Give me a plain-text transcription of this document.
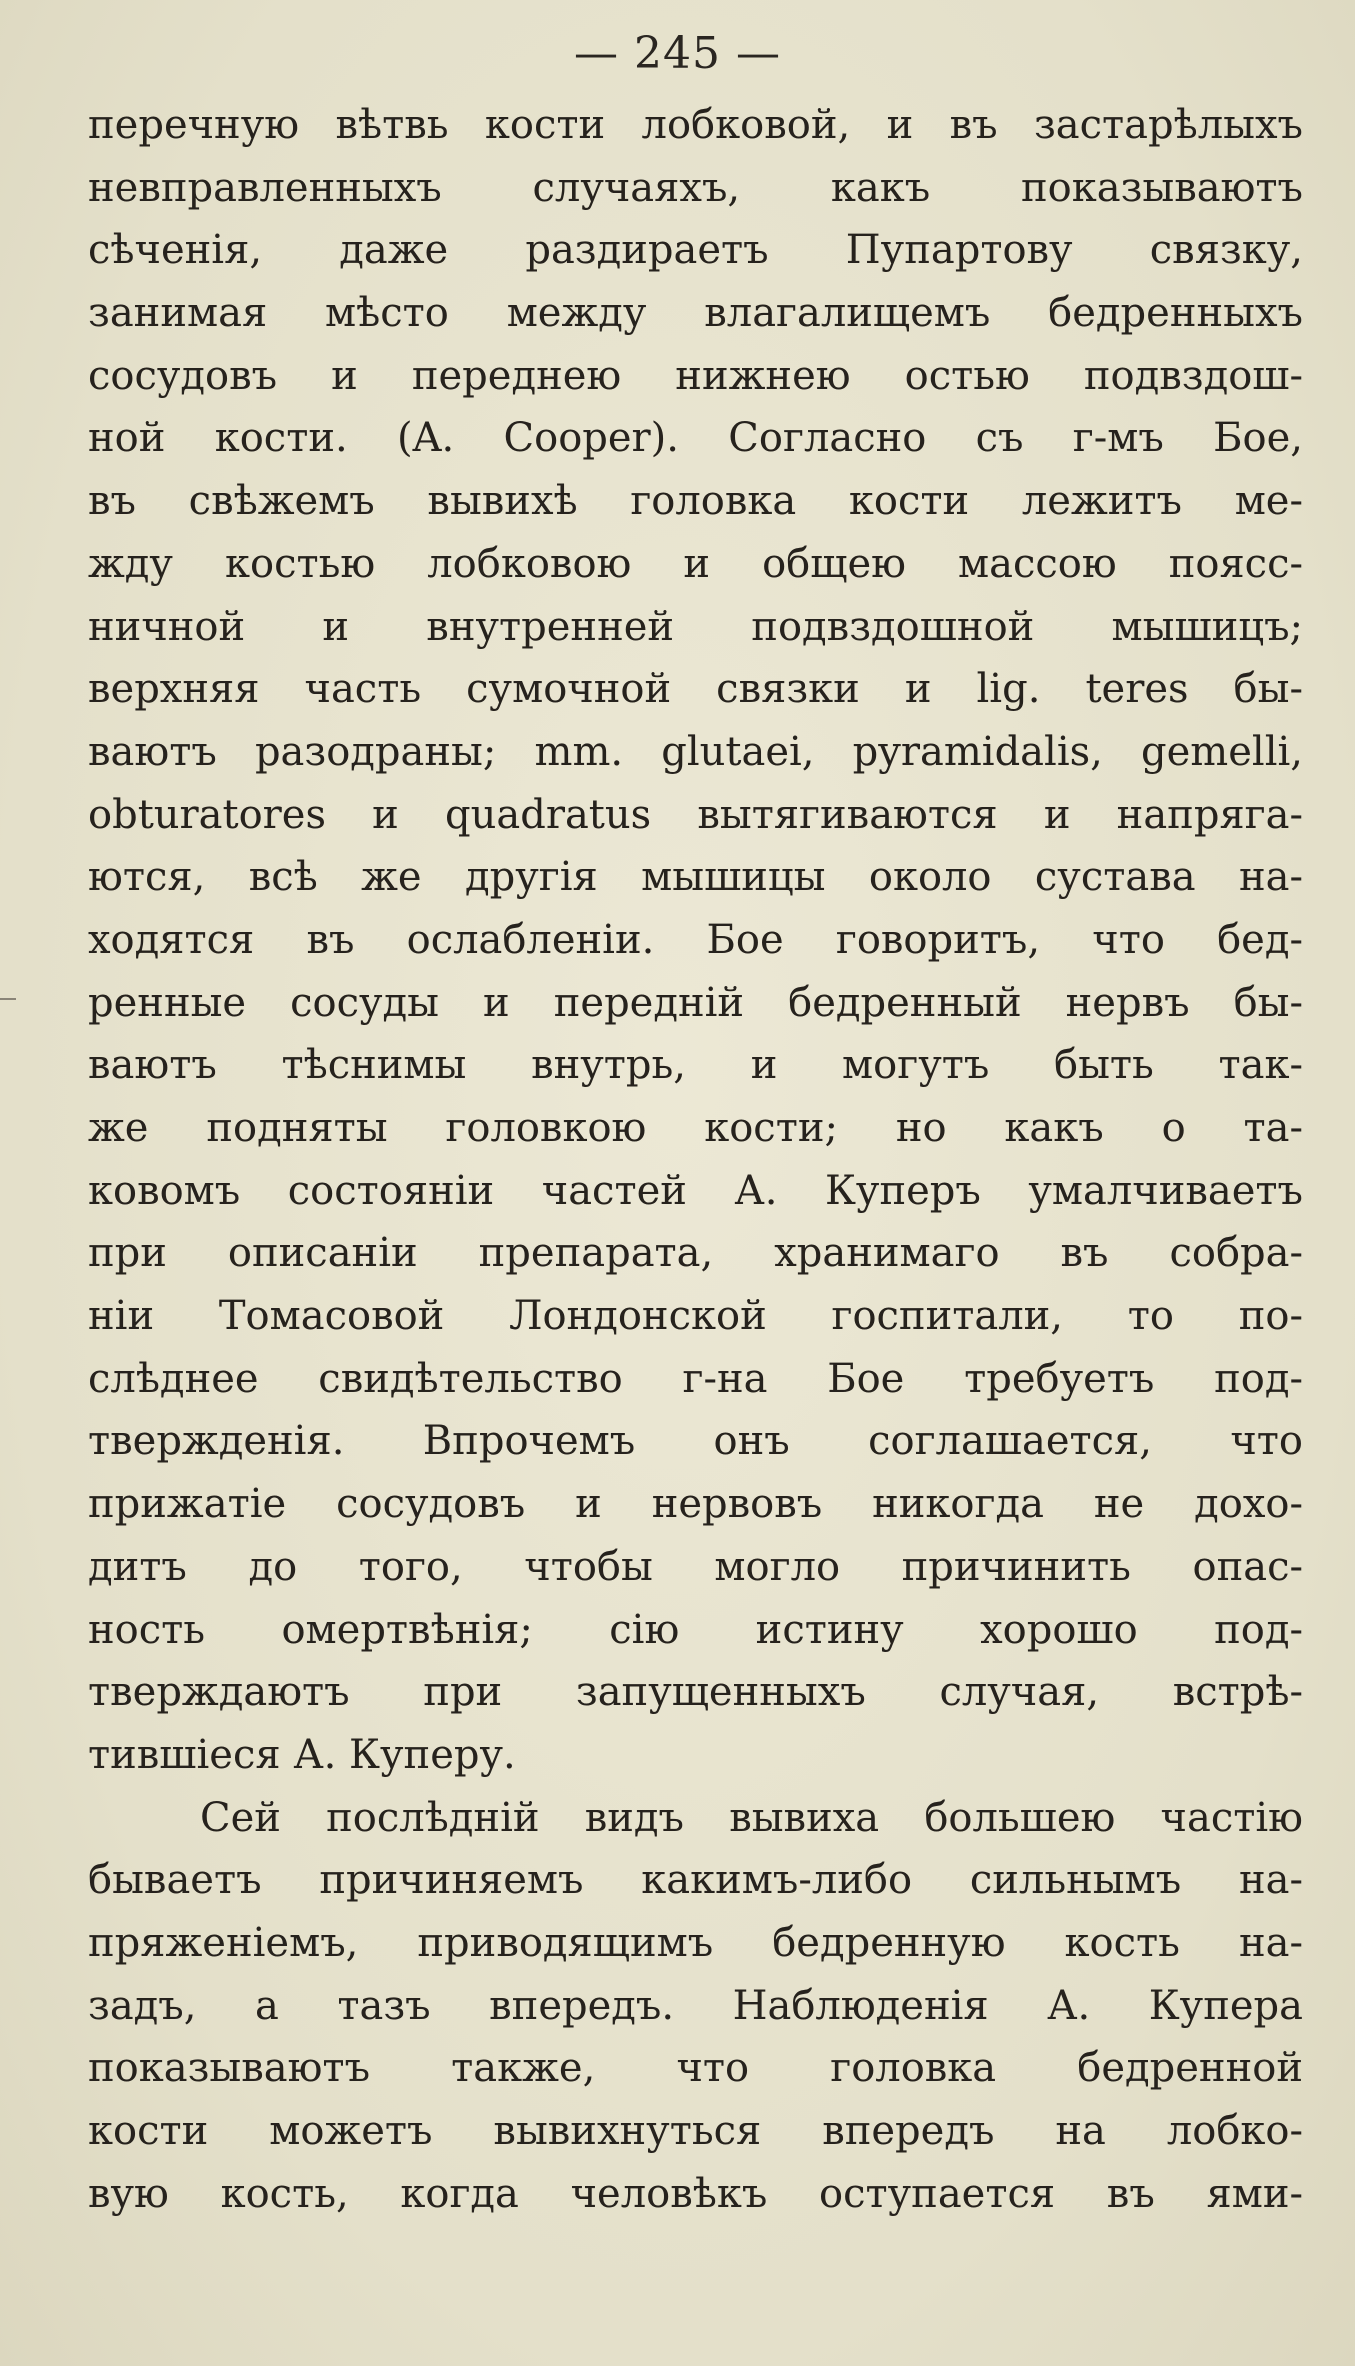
— 245 —
перечную вѣтвь кости лобковой, и въ застарѣлыхъ
невправленныхъ случаяхъ, какъ показываютъ
сѣченія, даже раздираетъ Пупартову связку,
занимая мѣсто между влагалищемъ бедренныхъ
сосудовъ и переднею нижнею остью подвздош-
ной кости. (A. Cooper). Согласно съ г-мъ Бое,
въ свѣжемъ вывихѣ головка кости лежитъ ме-
жду костью лобковою и общею массою поясс-
ничной и внутренней подвздошной мышицъ;
верхняя часть сумочной связки и lig. teres бы-
ваютъ разодраны; mm. glutaei, pyramidalis, gemelli,
obturatores и quadratus вытягиваются и напряга-
ются, всѣ же другія мышицы около сустава на-
ходятся въ ослабленіи. Бое говоритъ, что бед-
ренные сосуды и передній бедренный нервъ бы-
ваютъ тѣснимы внутрь, и могутъ быть так-
же подняты головкою кости; но какъ о та-
ковомъ состояніи частей А. Куперъ умалчиваетъ
при описаніи препарата, хранимаго въ собра-
ніи Томасовой Лондонской госпитали, то по-
слѣднее свидѣтельство г-на Бое требуетъ под-
твержденія. Впрочемъ онъ соглашается, что
прижатіе сосудовъ и нервовъ никогда не дохо-
дитъ до того, чтобы могло причинить опас-
ность омертвѣнія; сію истину хорошо под-
тверждаютъ при запущенныхъ случая, встрѣ-
тившіеся А. Куперу.
Сей послѣдній видъ вывиха большею частію
бываетъ причиняемъ какимъ-либо сильнымъ на-
пряженіемъ, приводящимъ бедренную кость на-
задъ, а тазъ впередъ. Наблюденія А. Купера
показываютъ также, что головка бедренной
кости можетъ вывихнуться впередъ на лобко-
вую кость, когда человѣкъ оступается въ ями-
